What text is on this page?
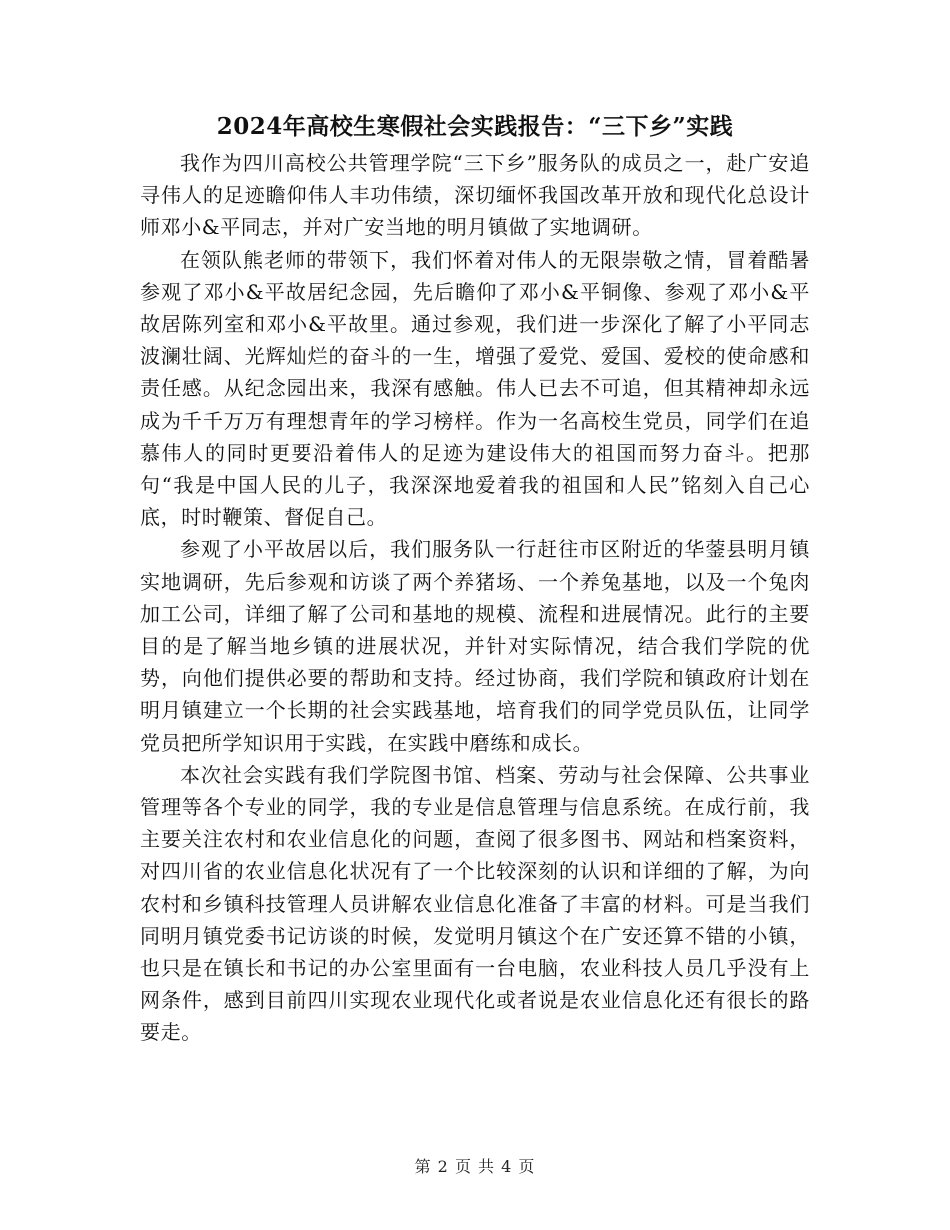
2024年高校生寒假社会实践报告：“三下乡”实践

我作为四川高校公共管理学院“三下乡”服务队的成员之一，赴广安追寻伟人的足迹瞻仰伟人丰功伟绩，深切缅怀我国改革开放和现代化总设计师邓小&平同志，并对广安当地的明月镇做了实地调研。

在领队熊老师的带领下，我们怀着对伟人的无限崇敬之情，冒着酷暑参观了邓小&平故居纪念园，先后瞻仰了邓小&平铜像、参观了邓小&平故居陈列室和邓小&平故里。通过参观，我们进一步深化了解了小平同志波澜壮阔、光辉灿烂的奋斗的一生，增强了爱党、爱国、爱校的使命感和责任感。从纪念园出来，我深有感触。伟人已去不可追，但其精神却永远成为千千万万有理想青年的学习榜样。作为一名高校生党员，同学们在追慕伟人的同时更要沿着伟人的足迹为建设伟大的祖国而努力奋斗。把那句“我是中国人民的儿子，我深深地爱着我的祖国和人民”铭刻入自己心底，时时鞭策、督促自己。

参观了小平故居以后，我们服务队一行赶往市区附近的华蓥县明月镇实地调研，先后参观和访谈了两个养猪场、一个养兔基地，以及一个兔肉加工公司，详细了解了公司和基地的规模、流程和进展情况。此行的主要目的是了解当地乡镇的进展状况，并针对实际情况，结合我们学院的优势，向他们提供必要的帮助和支持。经过协商，我们学院和镇政府计划在明月镇建立一个长期的社会实践基地，培育我们的同学党员队伍，让同学党员把所学知识用于实践，在实践中磨练和成长。

本次社会实践有我们学院图书馆、档案、劳动与社会保障、公共事业管理等各个专业的同学，我的专业是信息管理与信息系统。在成行前，我主要关注农村和农业信息化的问题，查阅了很多图书、网站和档案资料，对四川省的农业信息化状况有了一个比较深刻的认识和详细的了解，为向农村和乡镇科技管理人员讲解农业信息化准备了丰富的材料。可是当我们同明月镇党委书记访谈的时候，发觉明月镇这个在广安还算不错的小镇，也只是在镇长和书记的办公室里面有一台电脑，农业科技人员几乎没有上网条件，感到目前四川实现农业现代化或者说是农业信息化还有很长的路要走。

第 2 页 共 4 页
